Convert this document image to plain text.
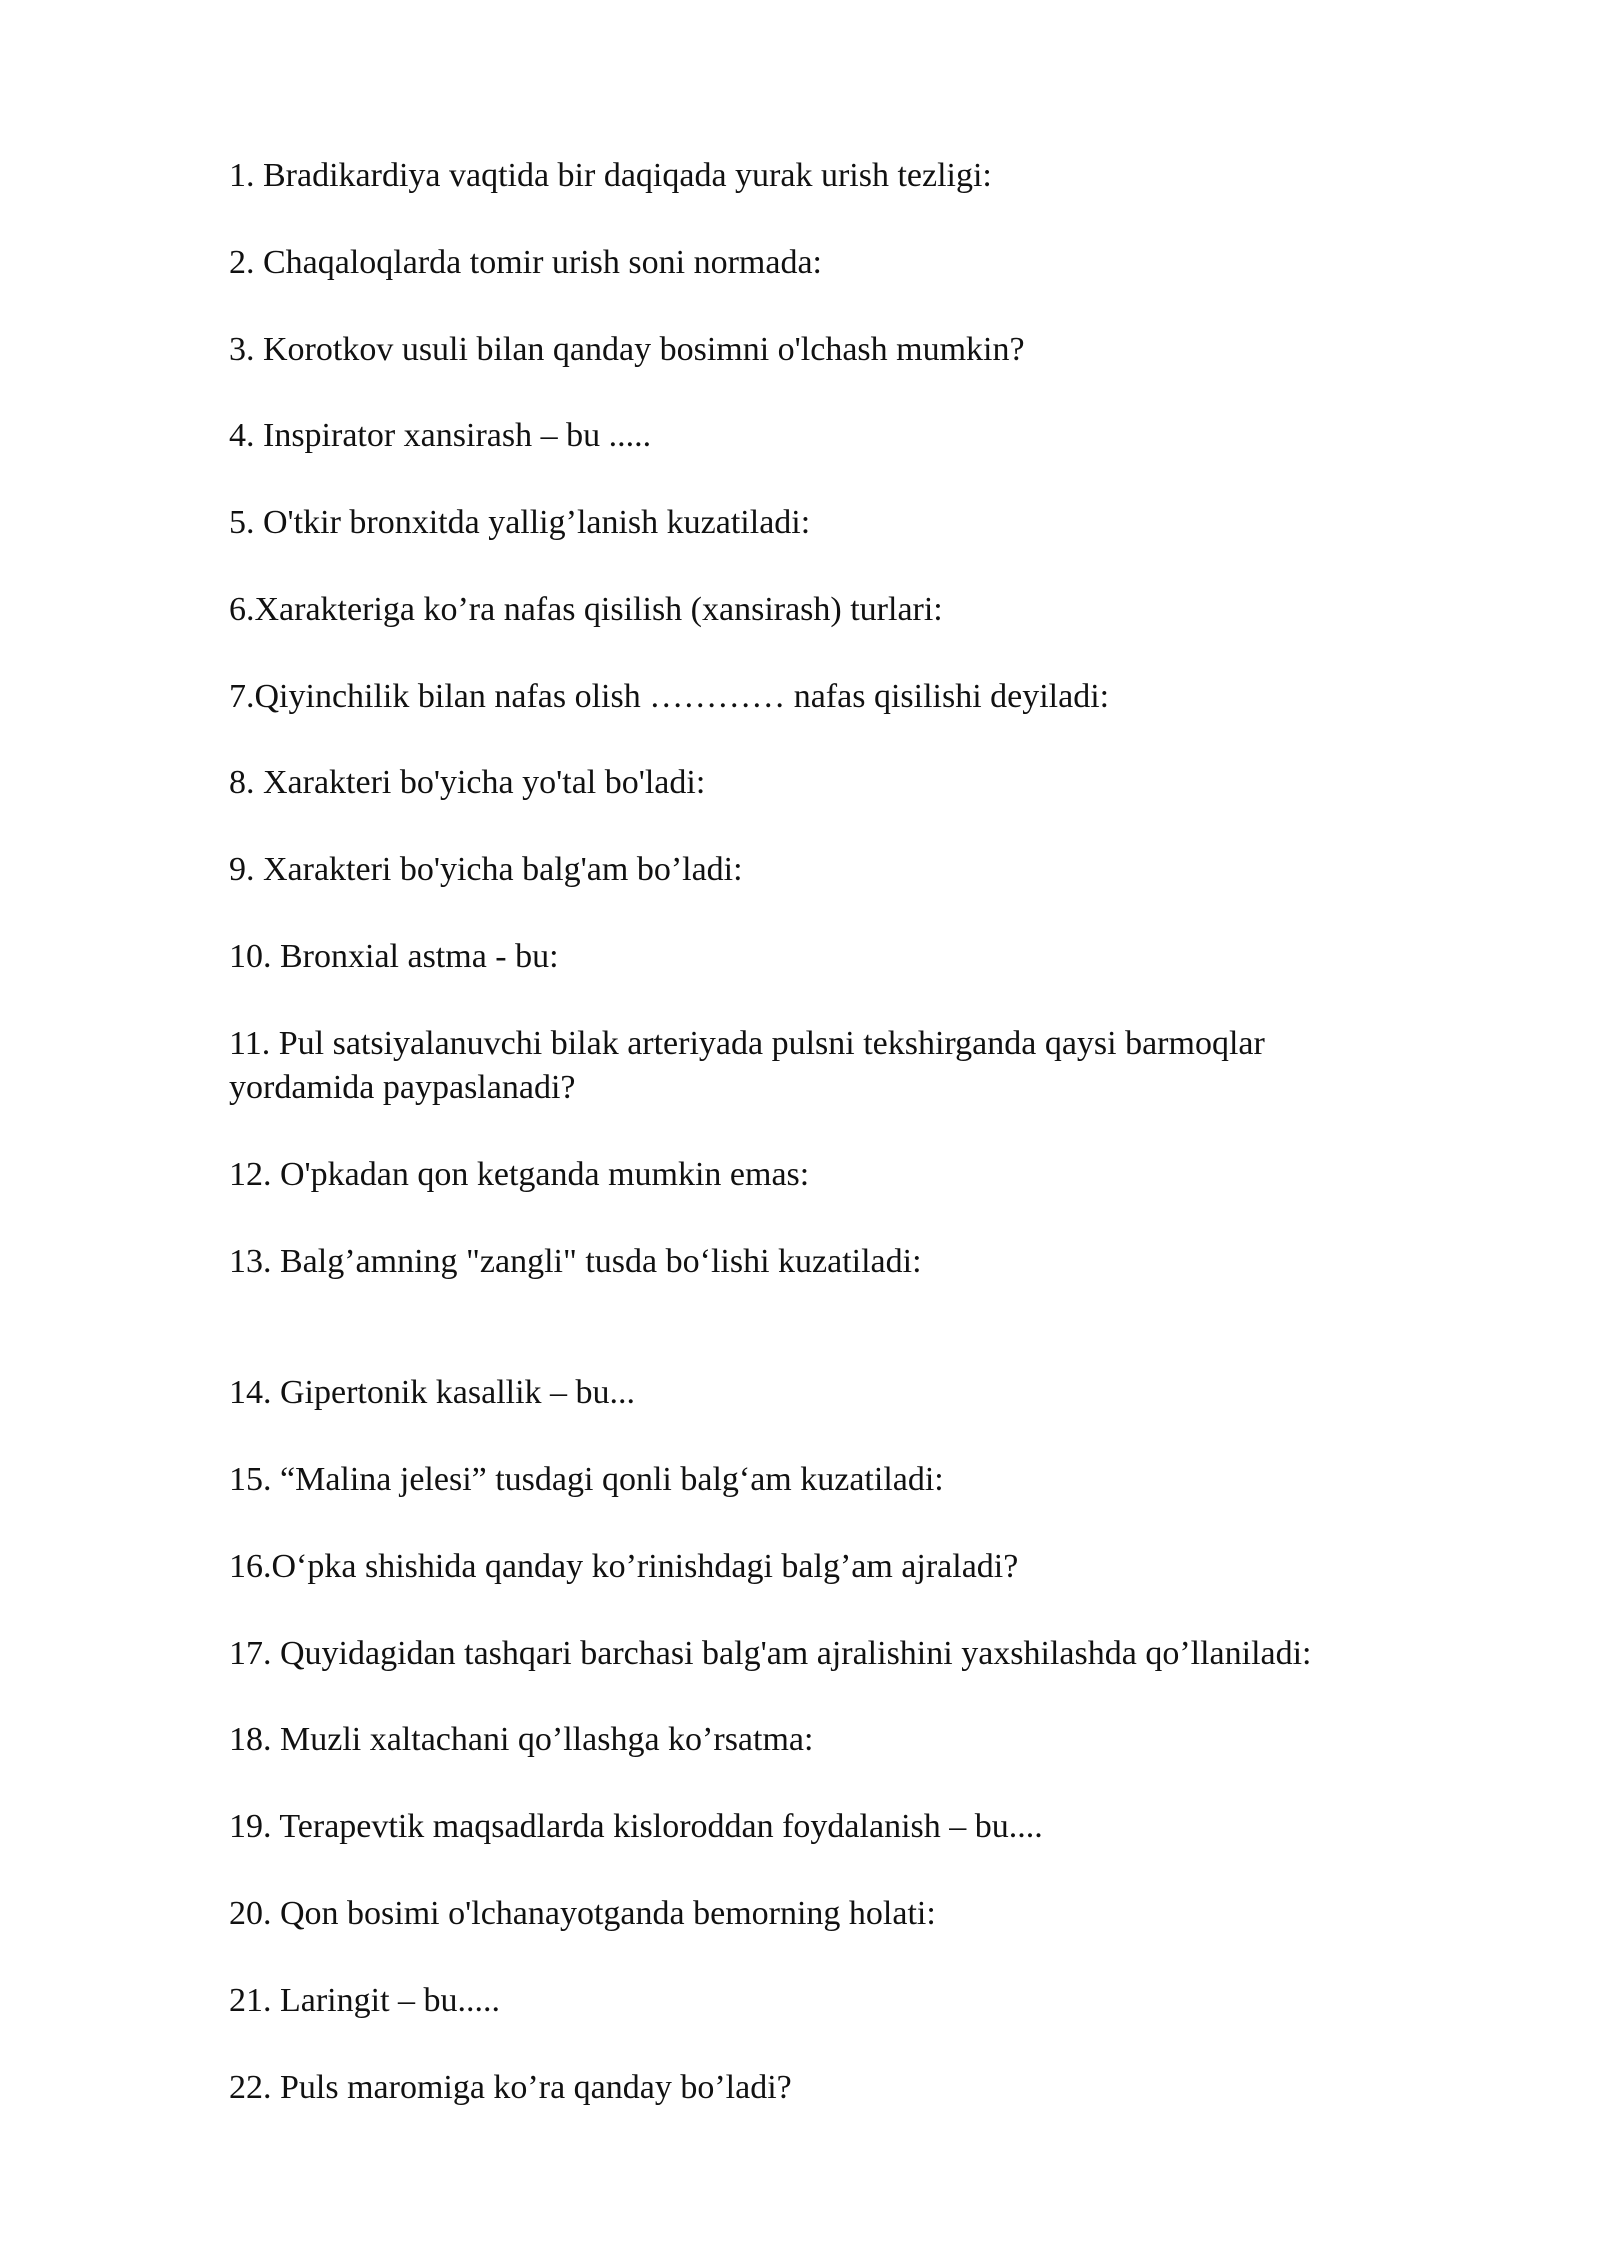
1. Bradikardiya vaqtida bir daqiqada yurak urish tezligi:

2. Chaqaloqlarda tomir urish soni normada:

3. Korotkov usuli bilan qanday bosimni o'lchash mumkin?

4. Inspirator xansirash – bu .....

5. O'tkir bronxitda yallig’lanish kuzatiladi:

6.Xarakteriga ko’ra nafas qisilish (xansirash) turlari:

7.Qiyinchilik bilan nafas olish ………… nafas qisilishi deyiladi:

8. Xarakteri bo'yicha yo'tal bo'ladi:

9. Xarakteri bo'yicha balg'am bo’ladi:

10. Bronxial astma - bu:

11. Pul satsiyalanuvchi bilak arteriyada pulsni tekshirganda qaysi barmoqlar
yordamida paypaslanadi?

12. O'pkadan qon ketganda mumkin emas:

13. Balg’amning "zangli" tusda bo‘lishi kuzatiladi:

14. Gipertonik kasallik – bu...

15. “Malina jelesi” tusdagi qonli balg‘am kuzatiladi:

16.O‘pka shishida qanday ko’rinishdagi balg’am ajraladi?

17. Quyidagidan tashqari barchasi balg'am ajralishini yaxshilashda qo’llaniladi:

18. Muzli xaltachani qo’llashga ko’rsatma:

19. Terapevtik maqsadlarda kisloroddan foydalanish – bu....

20. Qon bosimi o'lchanayotganda bemorning holati:

21. Laringit – bu.....

22. Puls maromiga ko’ra qanday bo’ladi?
